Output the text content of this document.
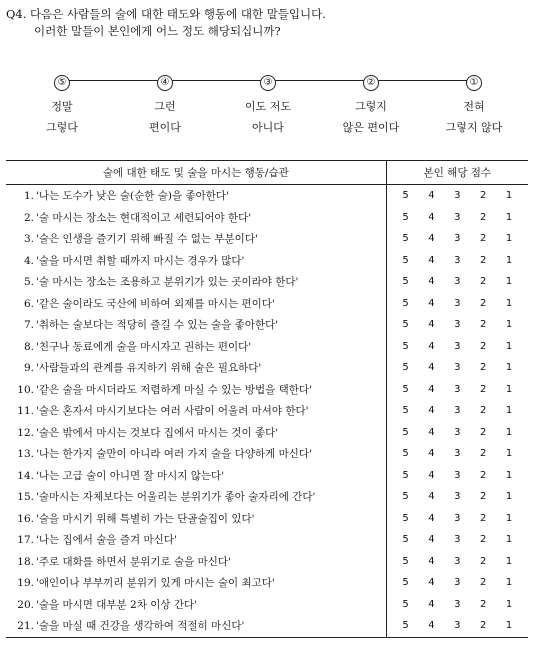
Q4. 다음은 사람들의 술에 대한 태도와 행동에 대한 말들입니다.
이러한 말들이 본인에게 어느 정도 해당되십니까?
⑤
정말
그렇다
④
그런
편이다
③
이도 저도
아니다
②
그렇지
않은 편이다
①
전혀
그렇지 않다
술에 대한 태도 및 술을 마시는 행동/습관	본인 해당 점수
1. '나는 도수가 낮은 술(순한 술)을 좋아한다'	5 4 3 2 1

2. '술 마시는 장소는 현대적이고 세련되어야 한다'	5 4 3 2 1

3. '술은 인생을 즐기기 위해 빠질 수 없는 부분이다'	5 4 3 2 1

4. '술을 마시면 취할 때까지 마시는 경우가 많다'	5 4 3 2 1

5. '술 마시는 장소는 조용하고 분위기가 있는 곳이라야 한다'	5 4 3 2 1

6. '같은 술이라도 국산에 비하여 외제를 마시는 편이다'	5 4 3 2 1

7. '취하는 술보다는 적당히 즐길 수 있는 술을 좋아한다'	5 4 3 2 1

8. '친구나 동료에게 술을 마시자고 권하는 편이다'	5 4 3 2 1

9. '사람들과의 관계를 유지하기 위해 술은 필요하다'	5 4 3 2 1

10. '같은 술을 마시더라도 저렴하게 마실 수 있는 방법을 택한다'	5 4 3 2 1

11. '술은 혼자서 마시기보다는 여러 사람이 어울려 마셔야 한다'	5 4 3 2 1

12. '술은 밖에서 마시는 것보다 집에서 마시는 것이 좋다'	5 4 3 2 1

13. '나는 한가지 술만이 아니라 여러 가지 술을 다양하게 마신다'	5 4 3 2 1

14. '나는 고급 술이 아니면 잘 마시지 않는다'	5 4 3 2 1

15. '술마시는 자체보다는 어울리는 분위기가 좋아 술자리에 간다'	5 4 3 2 1

16. '술을 마시기 위해 특별히 가는 단골술집이 있다'	5 4 3 2 1

17. '나는 집에서 술을 즐겨 마신다'	5 4 3 2 1

18. '주로 대화를 하면서 분위기로 술을 마신다'	5 4 3 2 1

19. '애인이나 부부끼리 분위기 있게 마시는 술이 최고다'	5 4 3 2 1

20. '술을 마시면 대부분 2차 이상 간다'	5 4 3 2 1

21. '술을 마실 때 건강을 생각하여 적절히 마신다'	5 4 3 2 1
